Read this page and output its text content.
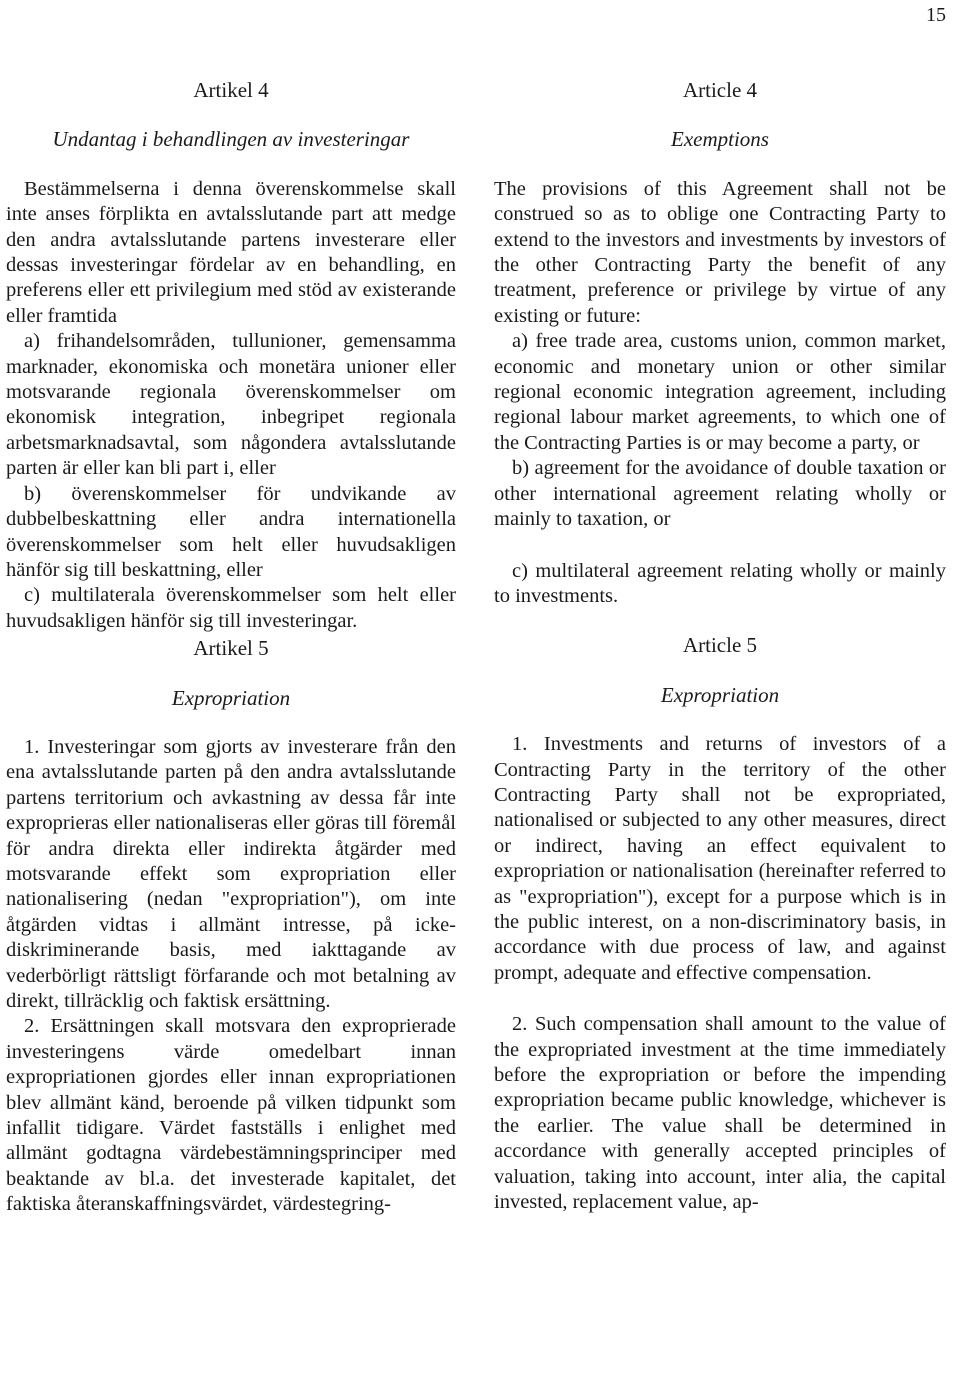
15
Artikel 4
Undantag i behandlingen av investeringar

Bestämmelserna i denna överenskommelse skall inte anses förplikta en avtalsslutande part att medge den andra avtalsslutande partens investerare eller dessas investeringar fördelar av en behandling, en preferens eller ett privilegium med stöd av existerande eller framtida

a) frihandelsområden, tullunioner, gemensamma marknader, ekonomiska och monetära unioner eller motsvarande regionala överenskommelser om ekonomisk integration, inbegripet regionala arbetsmarknadsavtal, som någondera avtalsslutande parten är eller kan bli part i, eller

b) överenskommelser för undvikande av dubbelbeskattning eller andra internationella överenskommelser som helt eller huvudsakligen hänför sig till beskattning, eller

c) multilaterala överenskommelser som helt eller huvudsakligen hänför sig till investeringar.

Artikel 5
Expropriation

1. Investeringar som gjorts av investerare från den ena avtalsslutande parten på den andra avtalsslutande partens territorium och avkastning av dessa får inte exproprieras eller nationaliseras eller göras till föremål för andra direkta eller indirekta åtgärder med motsvarande effekt som expropriation eller nationalisering (nedan "expropriation"), om inte åtgärden vidtas i allmänt intresse, på icke-diskriminerande basis, med iakttagande av vederbörligt rättsligt förfarande och mot betalning av direkt, tillräcklig och faktisk ersättning.

2. Ersättningen skall motsvara den exproprierade investeringens värde omedelbart innan expropriationen gjordes eller innan expropriationen blev allmänt känd, beroende på vilken tidpunkt som infallit tidigare. Värdet fastställs i enlighet med allmänt godtagna värdebestämningsprinciper med beaktande av bl.a. det investerade kapitalet, det faktiska återanskaffningsvärdet, värdestegring-

Article 4
Exemptions

The provisions of this Agreement shall not be construed so as to oblige one Contracting Party to extend to the investors and investments by investors of the other Contracting Party the benefit of any treatment, preference or privilege by virtue of any existing or future:

a) free trade area, customs union, common market, economic and monetary union or other similar regional economic integration agreement, including regional labour market agreements, to which one of the Contracting Parties is or may become a party, or

b) agreement for the avoidance of double taxation or other international agreement relating wholly or mainly to taxation, or

c) multilateral agreement relating wholly or mainly to investments.

Article 5
Expropriation

1. Investments and returns of investors of a Contracting Party in the territory of the other Contracting Party shall not be expropriated, nationalised or subjected to any other measures, direct or indirect, having an effect equivalent to expropriation or nationalisation (hereinafter referred to as "expropriation"), except for a purpose which is in the public interest, on a non-discriminatory basis, in accordance with due process of law, and against prompt, adequate and effective compensation.

2. Such compensation shall amount to the value of the expropriated investment at the time immediately before the expropriation or before the impending expropriation became public knowledge, whichever is the earlier. The value shall be determined in accordance with generally accepted principles of valuation, taking into account, inter alia, the capital invested, replacement value, ap-
